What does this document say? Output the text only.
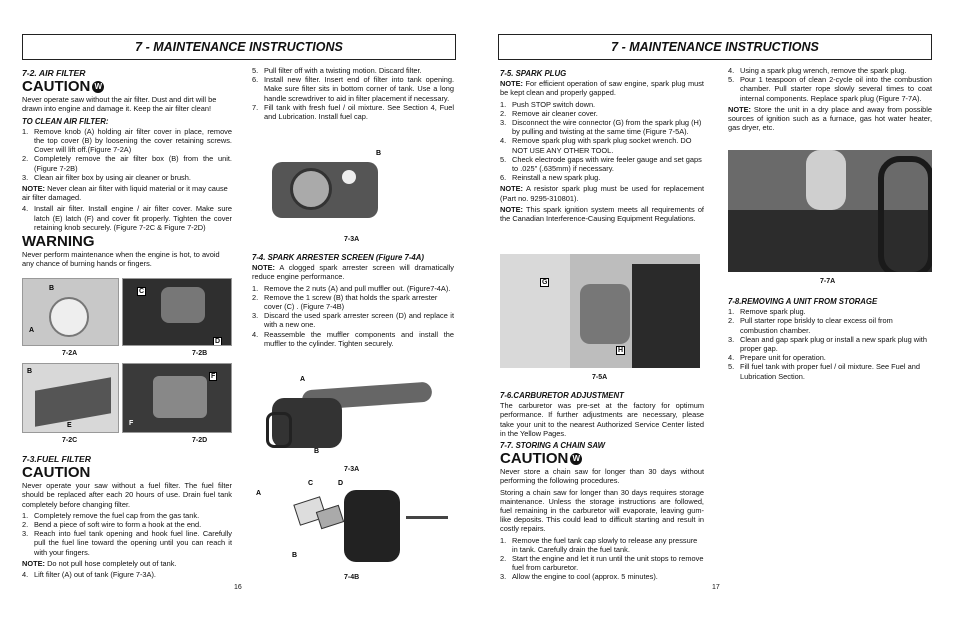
7 - MAINTENANCE INSTRUCTIONS	7 - MAINTENANCE INSTRUCTIONS
7-2. AIR FILTER
CAUTION W

Never operate saw without the air filter. Dust and dirt will be drawn into engine and damage it. Keep the air filter clean!

TO CLEAN AIR FILTER:
1. Remove knob (A) holding air filter cover in place, remove the top cover (B) by loosening the cover retaining screws. Cover will lift off.(Figure 7-2A)
2. Completely remove the air filter box (B) from the unit. (Figure 7-2B)
3. Clean air filter box by using air cleaner or brush.

NOTE: Never clean air filter with liquid material or it may cause air filter damaged.

4. Install air filter. Install engine / air filter cover. Make sure latch (E) latch (F) and cover fit properly. Tighten the cover retaining knob securely. (Figure 7-2C & Figure 7-2D)
WARNING

Never perform maintenance when the engine is hot, to avoid any chance of burning hands or fingers.

B
A
C
D
7-2A	7-2B
B
E
F
F
7-2C	7-2D
7-3.FUEL FILTER
CAUTION

Never operate your saw without a fuel filter. The fuel filter should be replaced after each 20 hours of use. Drain fuel tank completely before changing filter.

1. Completely remove the fuel cap from the gas tank.
2. Bend a piece of soft wire to form a hook at the end.
3. Reach into fuel tank opening and hook fuel line. Carefully pull the fuel line toward the opening until you can reach it with your fingers.

NOTE: Do not pull hose completely out of tank.

4. Lift filter (A) out of tank (Figure 7-3A).
5. Pull filter off with a twisting motion. Discard filter.
6. Install new filter. Insert end of filter into tank opening. Make sure filter sits in bottom corner of tank. Use a long handle screwdriver to aid in filter placement if necessary.
7. Fill tank with fresh fuel / oil mixture. See Section 4, Fuel and Lubrication. Install fuel cap.
B
7-3A
7-4. SPARK ARRESTER SCREEN (Figure 7-4A)

NOTE: A clogged spark arrester screen will dramatically reduce engine performance.

1. Remove the 2 nuts (A) and pull muffler out. (Figure7-4A).
2. Remove the 1 screw (B) that holds the spark arrester cover (C) . (Figure 7-4B)
3. Discard the used spark arrester screen (D) and replace it with a new one.
4. Reassemble the muffler components and install the muffler to the cylinder. Tighten securely.
A
B
7-3A
A
C	D
B
7-4B
16
7-5. SPARK PLUG

NOTE: For efficient operation of saw engine, spark plug must be kept clean and properly gapped.

1. Push STOP switch down.
2. Remove air cleaner cover.
3. Disconnect the wire connector (G) from the spark plug (H) by pulling and twisting at the same time (Figure 7-5A).
4. Remove spark plug with spark plug socket wrench. DO NOT USE ANY OTHER TOOL.
5. Check electrode gaps with wire feeler gauge and set gaps to .025" (.635mm) if necessary.
6. Reinstall a new spark plug.

NOTE: A resistor spark plug must be used for replacement (Part no. 9295-310801).

NOTE: This spark ignition system meets all requirements of the Canadian Interference-Causing Equipment Regulations.

G
H
7-5A
7-6.CARBURETOR ADJUSTMENT

The carburetor was pre-set at the factory for optimum performance. If further adjustments are necessary, please take your unit to the nearest Authorized Service Center listed in the Yellow Pages.

7-7. STORING A CHAIN SAW
CAUTION W

Never store a chain saw for longer than 30 days without performing the following procedures.

Storing a chain saw for longer than 30 days requires storage maintenance. Unless the storage instructions are followed, fuel remaining in the carburetor will evaporate, leaving gum-like deposits. This could lead to difficult starting and result in costly repairs.

1. Remove the fuel tank cap slowly to release any pressure in tank. Carefully drain the fuel tank.
2. Start the engine and let it run until the unit stops to remove fuel from carburetor.
3. Allow the engine to cool (approx. 5 minutes).
4. Using a spark plug wrench, remove the spark plug.
5. Pour 1 teaspoon of clean 2-cycle oil into the combustion chamber. Pull starter rope slowly several times to coat internal components. Replace spark plug (Figure 7-7A).

NOTE: Store the unit in a dry place and away from possible sources of ignition such as a furnace, gas hot water heater, gas dryer, etc.

7-7A
7-8.REMOVING A UNIT FROM STORAGE
1. Remove spark plug.
2. Pull starter rope briskly to clear excess oil from combustion chamber.
3. Clean and gap spark plug or install a new spark plug with proper gap.
4. Prepare unit for operation.
5. Fill fuel tank with proper fuel / oil mixture. See Fuel and Lubrication Section.
17
